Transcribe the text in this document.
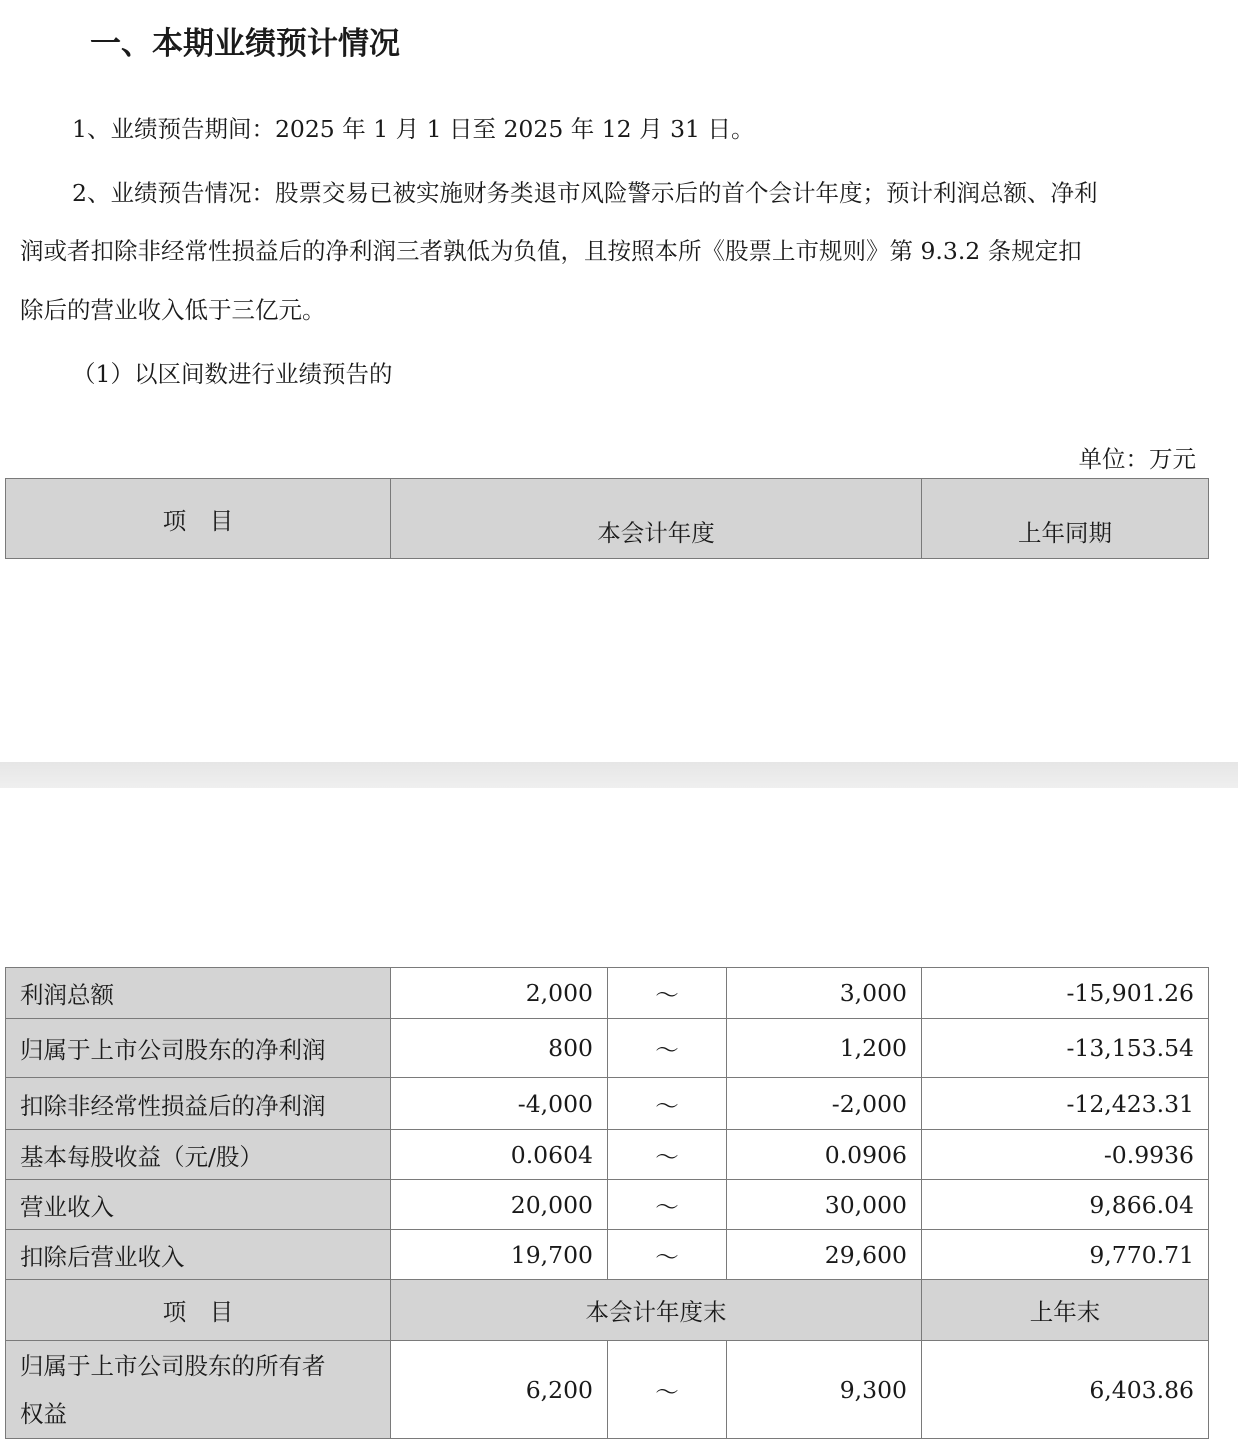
一、本期业绩预计情况
1、业绩预告期间：2025 年 1 月 1 日至 2025 年 12 月 31 日。
2、业绩预告情况：股票交易已被实施财务类退市风险警示后的首个会计年度；预计利润总额、净利
润或者扣除非经常性损益后的净利润三者孰低为负值，且按照本所《股票上市规则》第 9.3.2 条规定扣
除后的营业收入低于三亿元。
（1）以区间数进行业绩预告的
单位：万元
项　目	本会计年度	上年同期
利润总额	2,000	～	3,000	-15,901.26
归属于上市公司股东的净利润	800	～	1,200	-13,153.54
扣除非经常性损益后的净利润	-4,000	～	-2,000	-12,423.31
基本每股收益（元/股）	0.0604	～	0.0906	-0.9936
营业收入	20,000	～	30,000	9,866.04
扣除后营业收入	19,700	～	29,600	9,770.71
项　目	本会计年度末			上年末

归属于上市公司股东的所有者
权益	6,200	～	9,300	6,403.86
